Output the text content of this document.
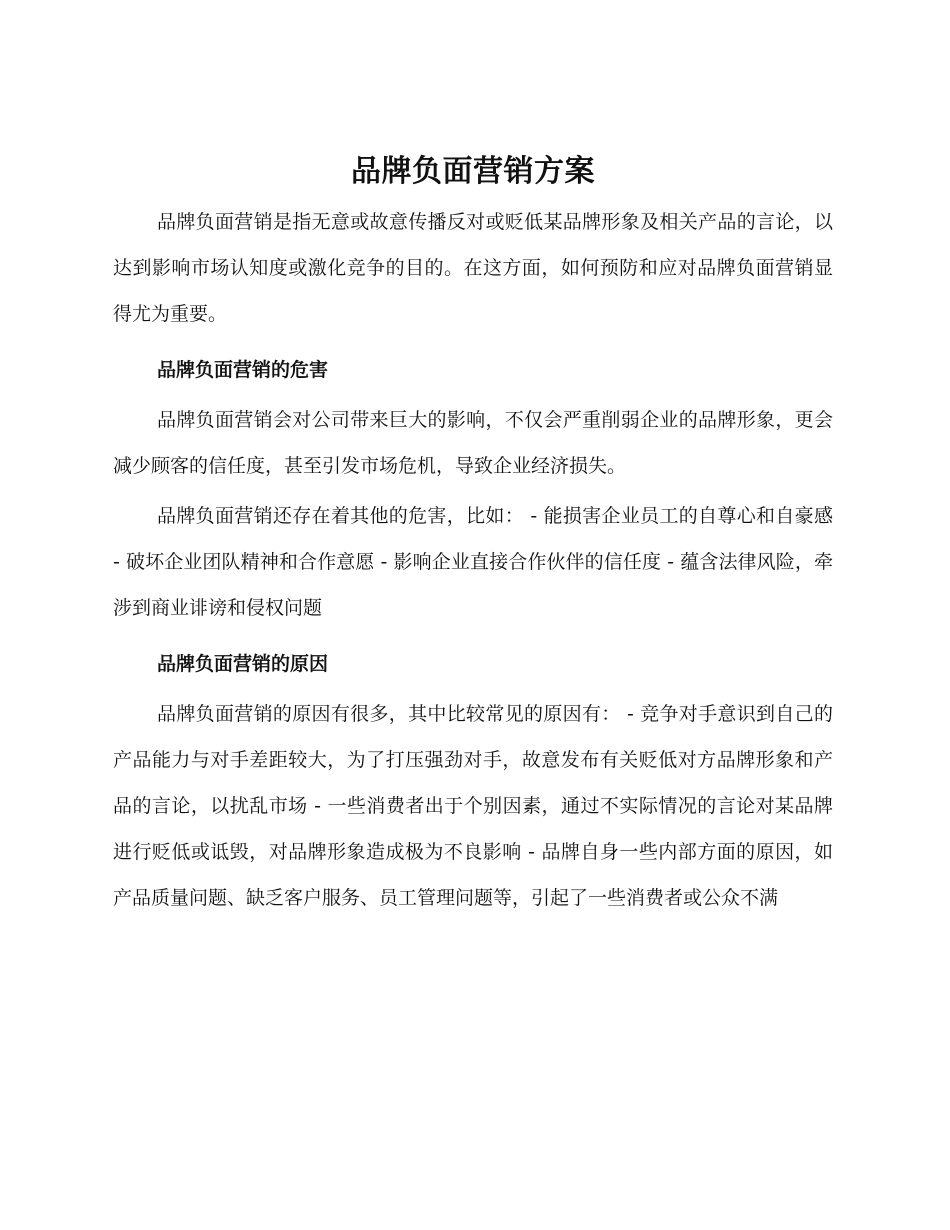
品牌负面营销方案

品牌负面营销是指无意或故意传播反对或贬低某品牌形象及相关产品的言论，以达到影响市场认知度或激化竞争的目的。在这方面，如何预防和应对品牌负面营销显得尤为重要。

品牌负面营销的危害

品牌负面营销会对公司带来巨大的影响，不仅会严重削弱企业的品牌形象，更会减少顾客的信任度，甚至引发市场危机，导致企业经济损失。

品牌负面营销还存在着其他的危害，比如： - 能损害企业员工的自尊心和自豪感 - 破坏企业团队精神和合作意愿 - 影响企业直接合作伙伴的信任度 - 蕴含法律风险，牵涉到商业诽谤和侵权问题

品牌负面营销的原因

品牌负面营销的原因有很多，其中比较常见的原因有： - 竞争对手意识到自己的产品能力与对手差距较大，为了打压强劲对手，故意发布有关贬低对方品牌形象和产品的言论，以扰乱市场 - 一些消费者出于个别因素，通过不实际情况的言论对某品牌进行贬低或诋毁，对品牌形象造成极为不良影响 - 品牌自身一些内部方面的原因，如产品质量问题、缺乏客户服务、员工管理问题等，引起了一些消费者或公众不满
